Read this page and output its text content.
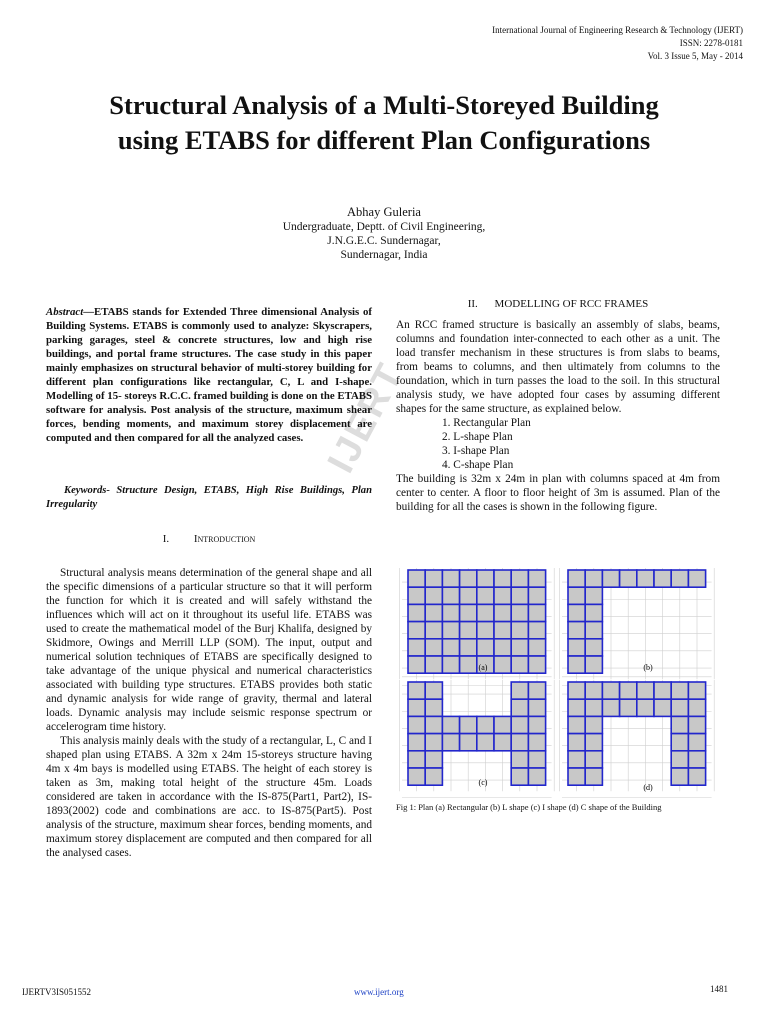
International Journal of Engineering Research & Technology (IJERT)
ISSN: 2278-0181
Vol. 3 Issue 5, May - 2014
Structural Analysis of a Multi-Storeyed Building
using ETABS for different Plan Configurations
Abhay Guleria
Undergraduate, Deptt. of Civil Engineering,
J.N.G.E.C. Sundernagar,
Sundernagar, India
IJERT
Abstract—ETABS stands for Extended Three dimensional Analysis of Building Systems. ETABS is commonly used to analyze: Skyscrapers, parking garages, steel & concrete structures, low and high rise buildings, and portal frame structures. The case study in this paper mainly emphasizes on structural behavior of multi-storey building for different plan configurations like rectangular, C, L and I-shape. Modelling of 15- storeys R.C.C. framed building is done on the ETABS software for analysis. Post analysis of the structure, maximum shear forces, bending moments, and maximum storey displacement are computed and then compared for all the analyzed cases.
Keywords- Structure Design, ETABS, High Rise Buildings, Plan Irregularity
I. Introduction

Structural analysis means determination of the general shape and all the specific dimensions of a particular structure so that it will perform the function for which it is created and will safely withstand the influences which will act on it throughout its useful life. ETABS was used to create the mathematical model of the Burj Khalifa, designed by Skidmore, Owings and Merrill LLP (SOM). The input, output and numerical solution techniques of ETABS are specifically designed to take advantage of the unique physical and numerical characteristics associated with building type structures. ETABS provides both static and dynamic analysis for wide range of gravity, thermal and lateral loads. Dynamic analysis may include seismic response spectrum or accelerogram time history.

This analysis mainly deals with the study of a rectangular, L, C and I shaped plan using ETABS. A 32m x 24m 15-storeys structure having 4m x 4m bays is modelled using ETABS. The height of each storey is taken as 3m, making total height of the structure 45m. Loads considered are taken in accordance with the IS-875(Part1, Part2), IS-1893(2002) code and combinations are acc. to IS-875(Part5). Post analysis of the structure, maximum shear forces, bending moments, and maximum storey displacement are computed and then compared for all the analysed cases.

II. MODELLING OF RCC FRAMES

An RCC framed structure is basically an assembly of slabs, beams, columns and foundation inter-connected to each other as a unit. The load transfer mechanism in these structures is from slabs to beams, from beams to columns, and then ultimately from columns to the foundation, which in turn passes the load to the soil. In this structural analysis study, we have adopted four cases by assuming different shapes for the same structure, as explained below.

1. Rectangular Plan
2. L-shape Plan
3. I-shape Plan
4. C-shape Plan

The building is 32m x 24m in plan with columns spaced at 4m from center to center. A floor to floor height of 3m is assumed. Plan of the building for all the cases is shown in the following figure.

(a)	(b)
(c)
(d)
Fig 1: Plan (a) Rectangular (b) L shape (c) I shape (d) C shape of the Building
IJERTV3IS051552	www.ijert.org	1481
